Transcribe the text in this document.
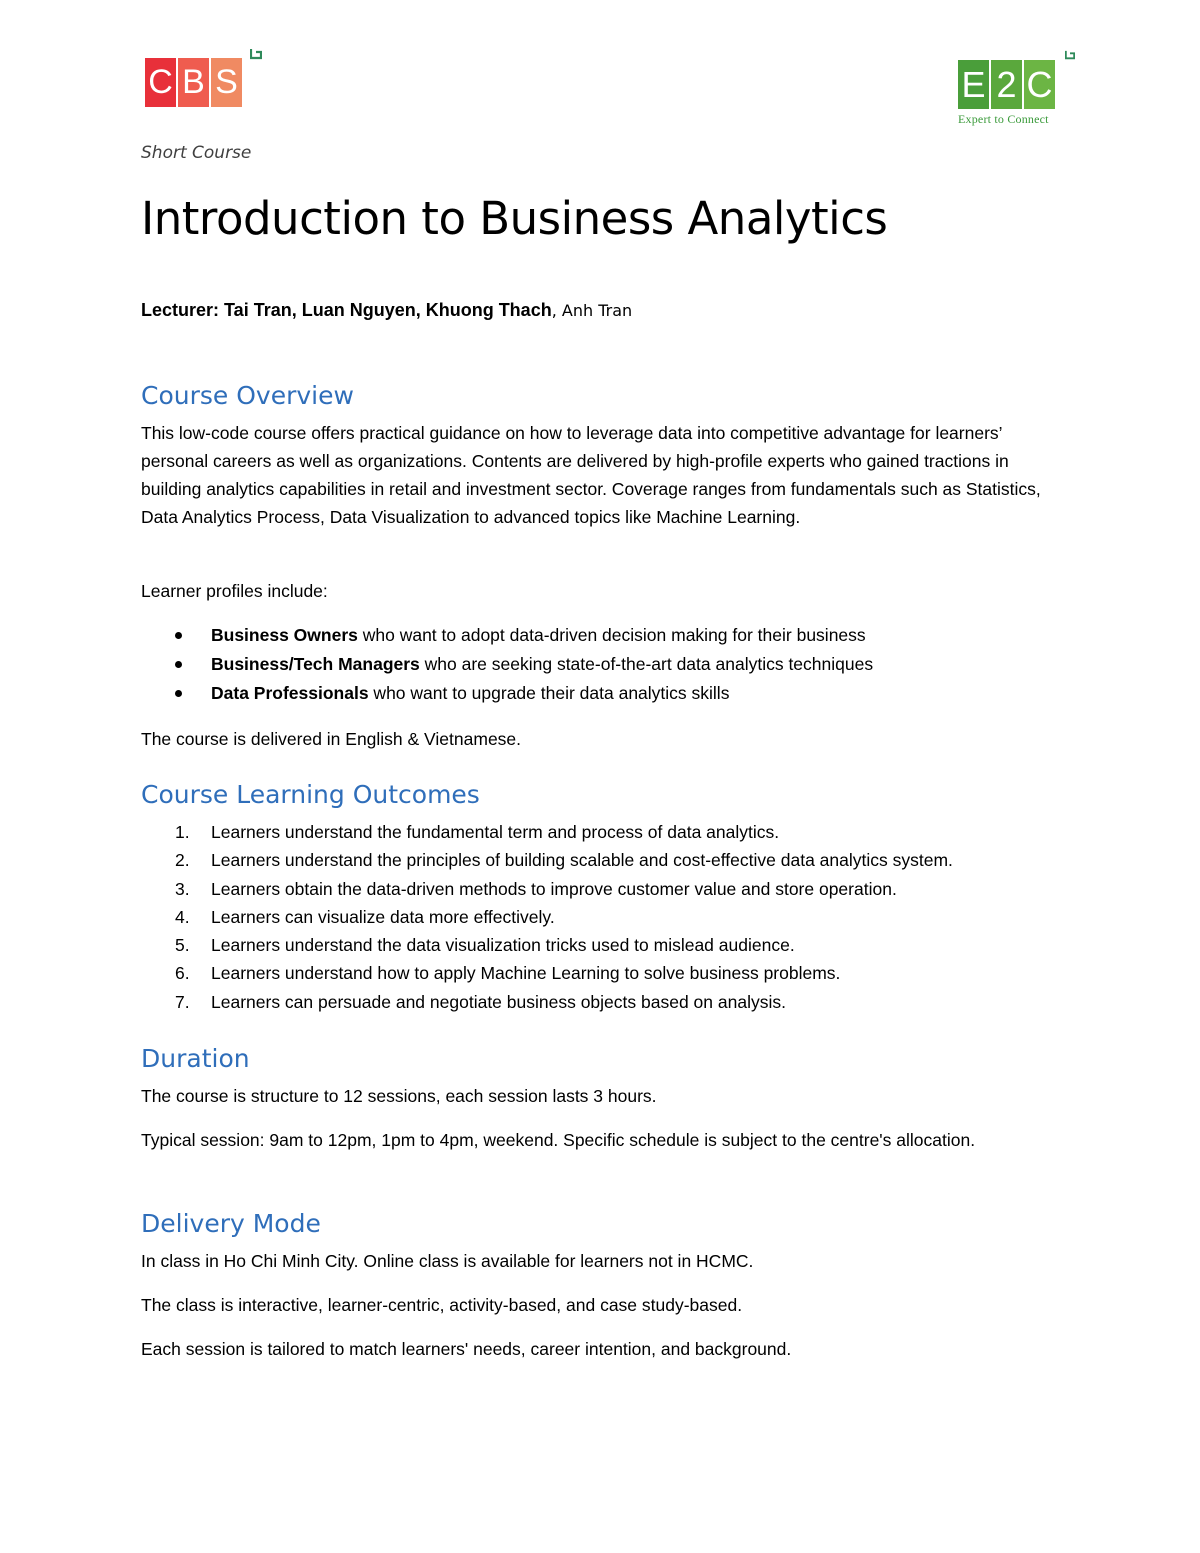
C B S	E 2 C
Expert to Connect
Short Course
Introduction to Business Analytics
Lecturer: Tai Tran, Luan Nguyen, Khuong Thach, Anh Tran
Course Overview

This low-code course offers practical guidance on how to leverage data into competitive advantage for learners’ personal careers as well as organizations. Contents are delivered by high-profile experts who gained tractions in building analytics capabilities in retail and investment sector. Coverage ranges from fundamentals such as Statistics, Data Analytics Process, Data Visualization to advanced topics like Machine Learning.

Learner profiles include:

Business Owners who want to adopt data-driven decision making for their business
Business/Tech Managers who are seeking state-of-the-art data analytics techniques
Data Professionals who want to upgrade their data analytics skills

The course is delivered in English & Vietnamese.

Course Learning Outcomes
1. Learners understand the fundamental term and process of data analytics.
2. Learners understand the principles of building scalable and cost-effective data analytics system.
3. Learners obtain the data-driven methods to improve customer value and store operation.
4. Learners can visualize data more effectively.
5. Learners understand the data visualization tricks used to mislead audience.
6. Learners understand how to apply Machine Learning to solve business problems.
7. Learners can persuade and negotiate business objects based on analysis.
Duration

The course is structure to 12 sessions, each session lasts 3 hours.

Typical session: 9am to 12pm, 1pm to 4pm, weekend. Specific schedule is subject to the centre's allocation.

Delivery Mode

In class in Ho Chi Minh City. Online class is available for learners not in HCMC.

The class is interactive, learner-centric, activity-based, and case study-based.

Each session is tailored to match learners' needs, career intention, and background.
